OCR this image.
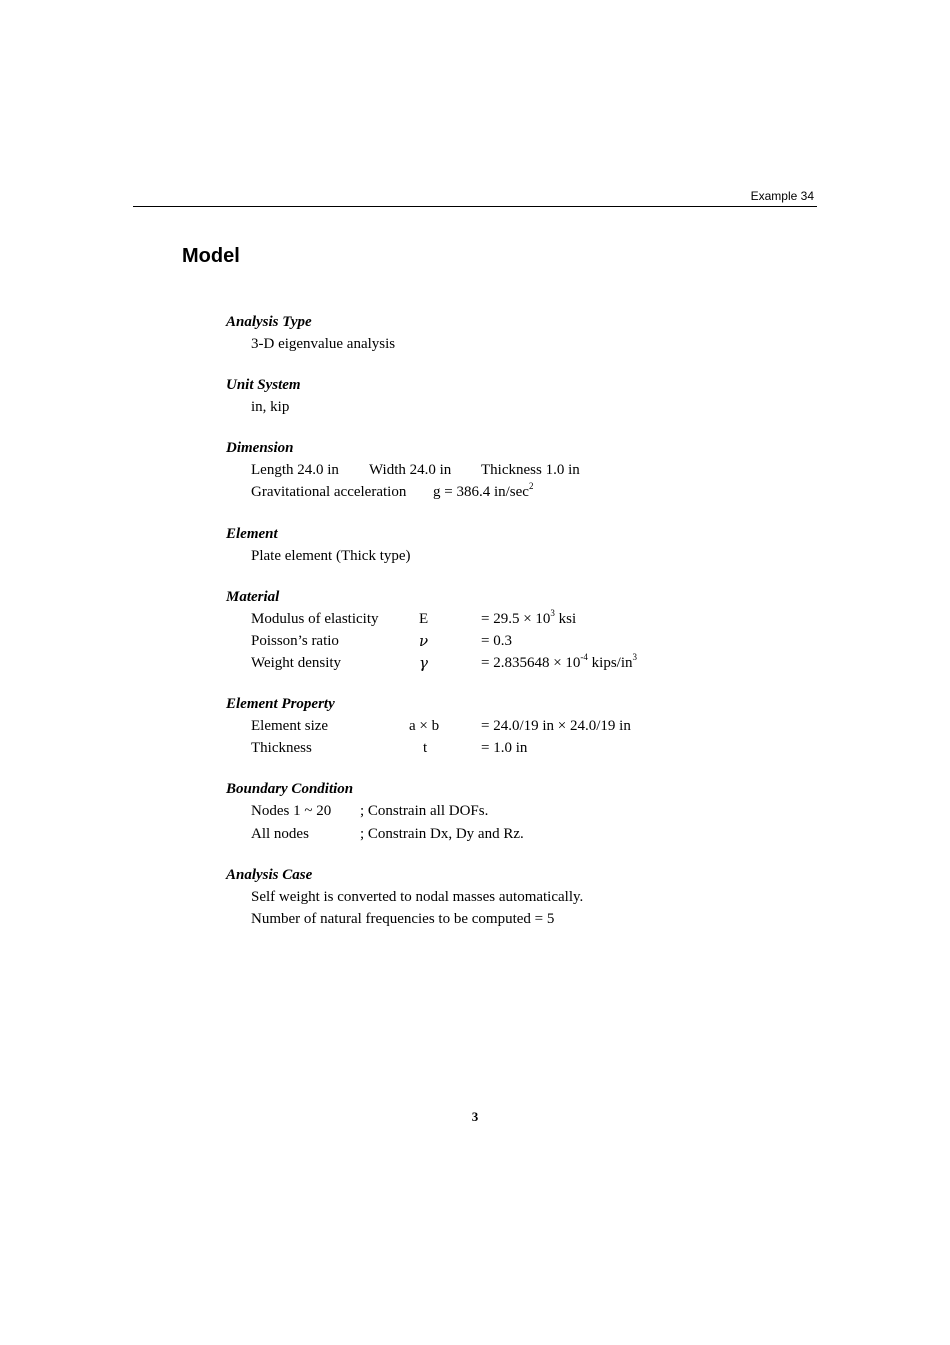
Example 34
Model
Analysis Type
3-D eigenvalue analysis
Unit System
in, kip
Dimension
Length 24.0 in Width 24.0 in Thickness 1.0 in
Gravitational acceleration g = 386.4 $in/\sec^2$
Element
Plate element (Thick type)
Material
Modulus of elasticity	E	= $29.5 \times 10^3$ ksi
Poisson’s ratio	ν	= 0.3
Weight density	γ	= $2.835648 \times 10^{-4}$ kips/$in^3$
Element Property
Element size	a × b	= 24.0/19 in × 24.0/19 in
Thickness	t	= 1.0 in
Boundary Condition
Nodes 1 ~ 20 ; Constrain all DOFs.
All nodes	; Constrain Dx, Dy and Rz.
Analysis Case
Self weight is converted to nodal masses automatically.
Number of natural frequencies to be computed = 5
3
